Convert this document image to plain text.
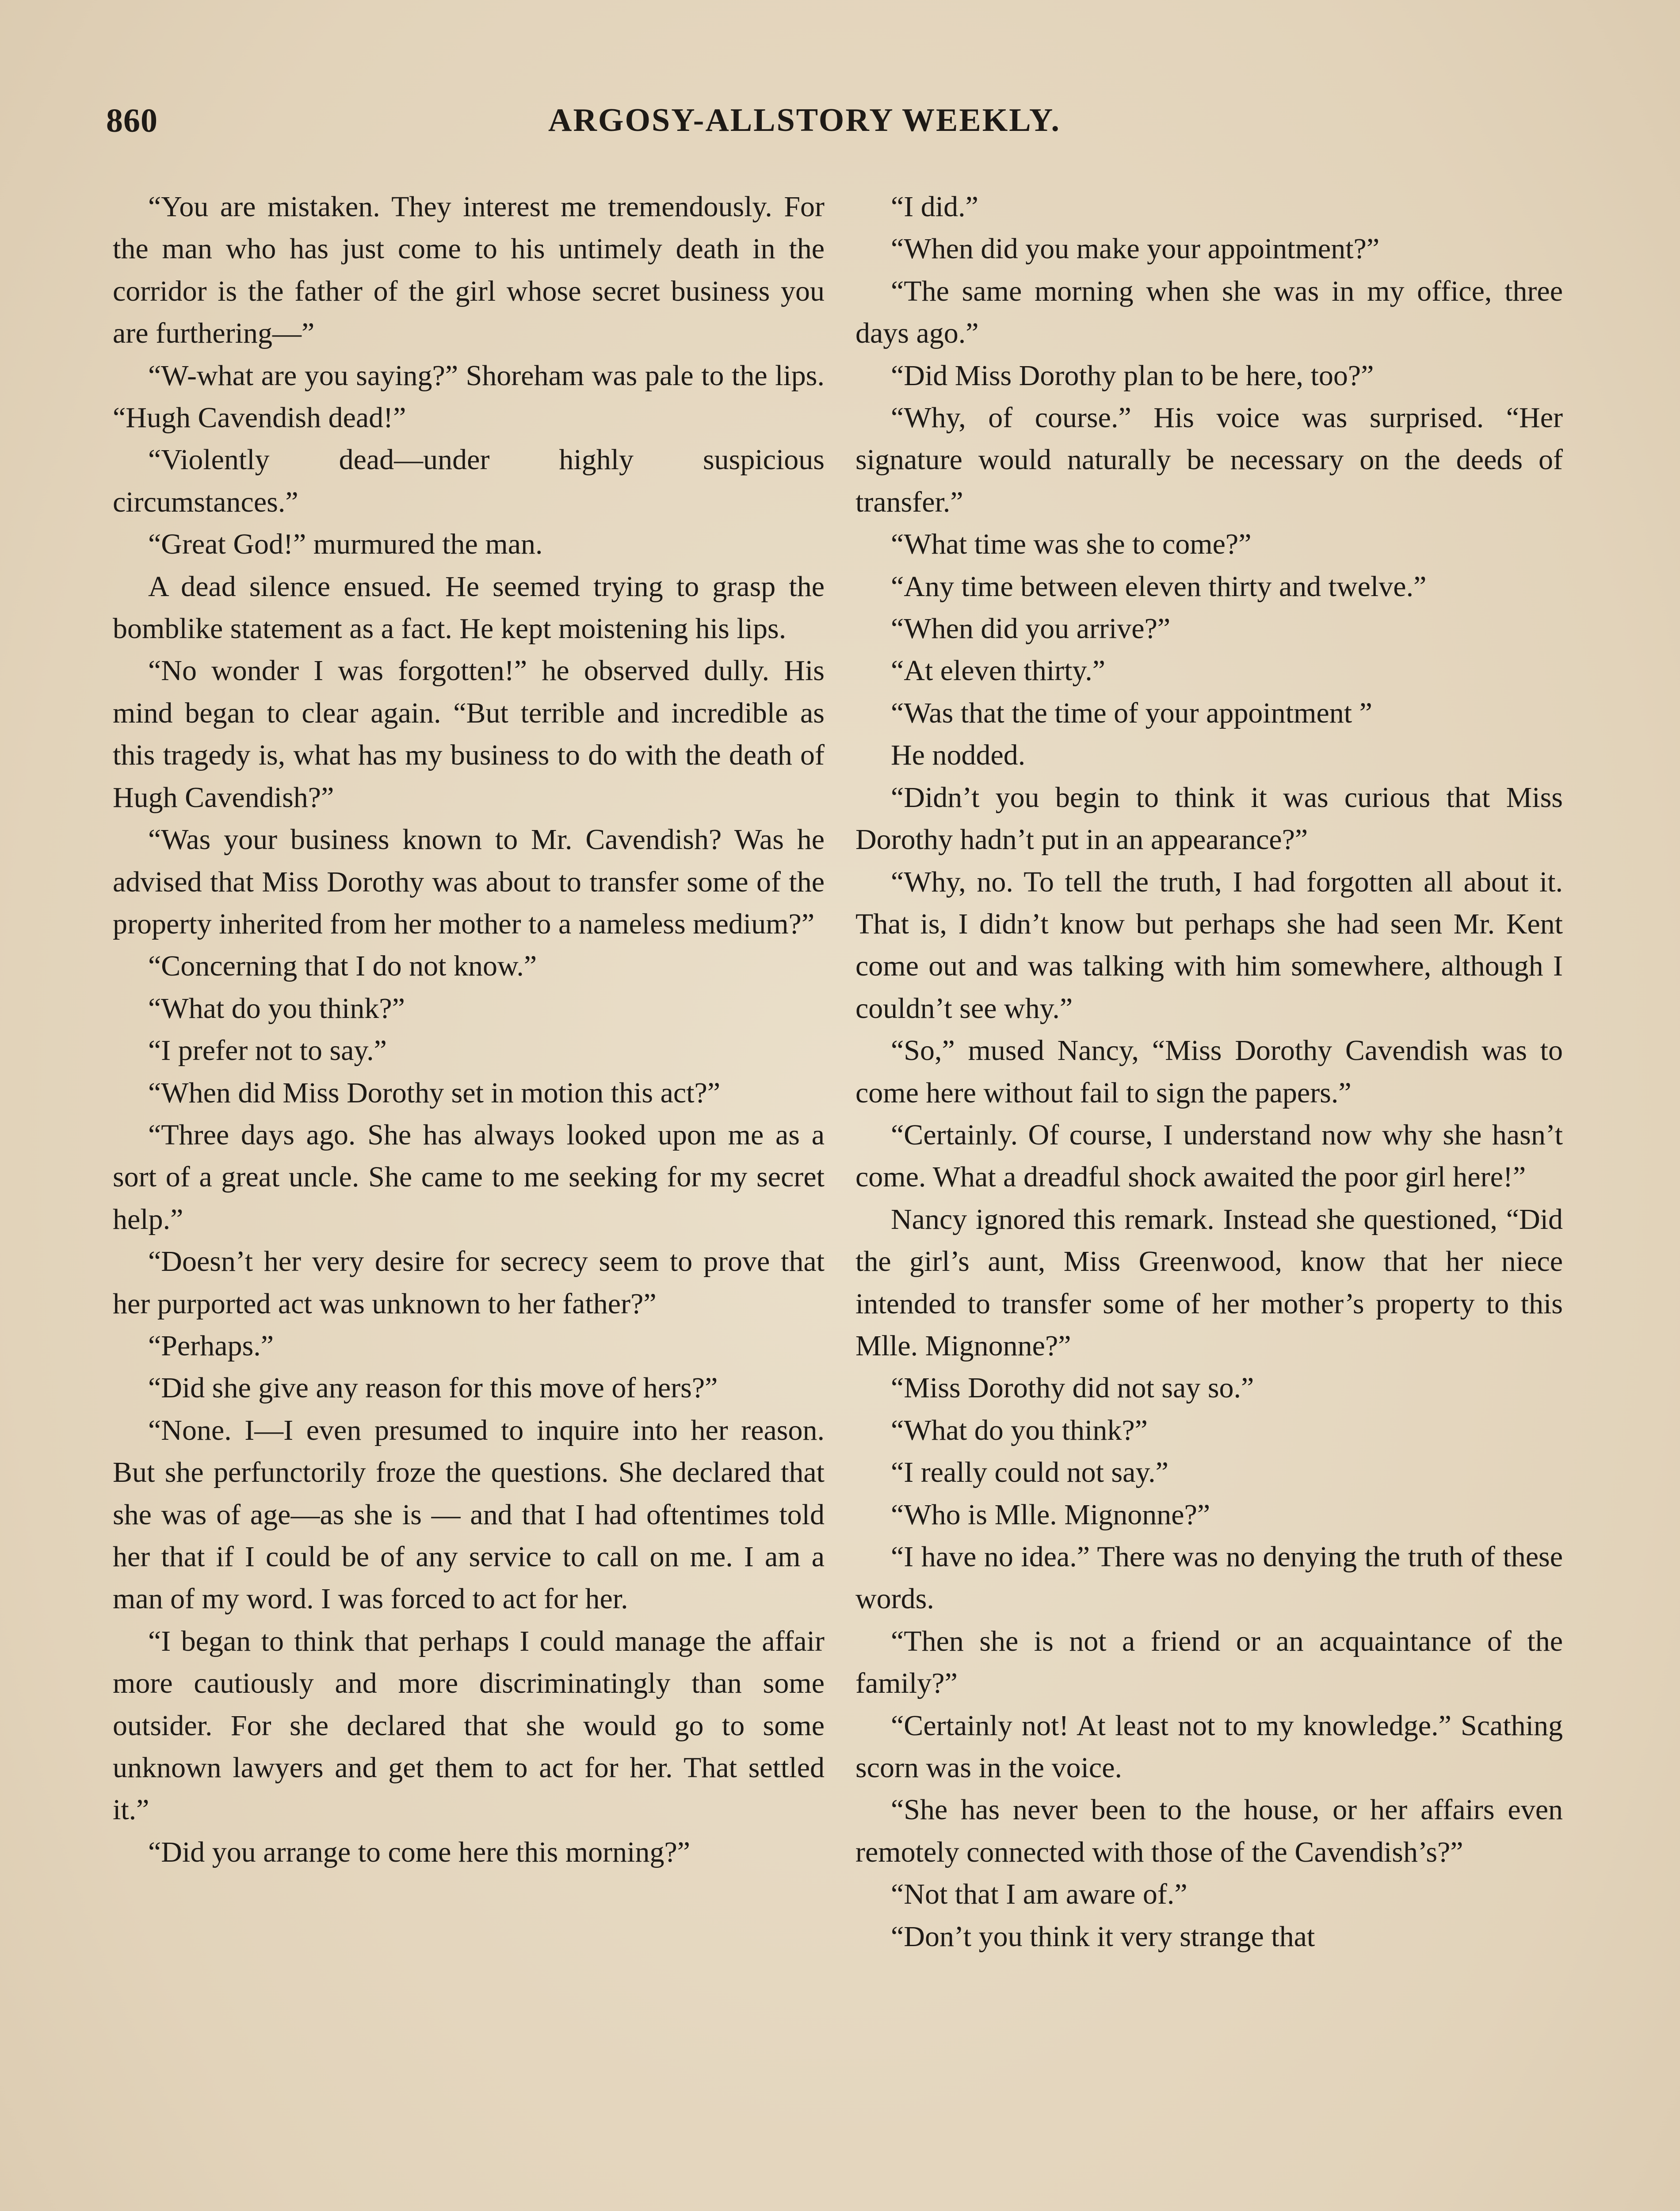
860	ARGOSY-ALLSTORY WEEKLY.

“You are mistaken. They interest me tremendously. For the man who has just come to his untimely death in the corridor is the father of the girl whose secret business you are furthering—”

“W-what are you saying?” Shoreham was pale to the lips. “Hugh Cavendish dead!”

“Violently dead—under highly suspicious circumstances.”

“Great God!” murmured the man.

A dead silence ensued. He seemed trying to grasp the bomblike statement as a fact. He kept moistening his lips.

“No wonder I was forgotten!” he observed dully. His mind began to clear again. “But terrible and incredible as this tragedy is, what has my business to do with the death of Hugh Cavendish?”

“Was your business known to Mr. Cavendish? Was he advised that Miss Dorothy was about to transfer some of the property inherited from her mother to a nameless medium?”

“Concerning that I do not know.”

“What do you think?”

“I prefer not to say.”

“When did Miss Dorothy set in motion this act?”

“Three days ago. She has always looked upon me as a sort of a great uncle. She came to me seeking for my secret help.”

“Doesn’t her very desire for secrecy seem to prove that her purported act was unknown to her father?”

“Perhaps.”

“Did she give any reason for this move of hers?”

“None. I—I even presumed to inquire into her reason. But she perfunctorily froze the questions. She declared that she was of age—as she is — and that I had oftentimes told her that if I could be of any service to call on me. I am a man of my word. I was forced to act for her.

“I began to think that perhaps I could manage the affair more cautiously and more discriminatingly than some outsider. For she declared that she would go to some unknown lawyers and get them to act for her. That settled it.”

“Did you arrange to come here this morning?”

“I did.”

“When did you make your appointment?”

“The same morning when she was in my office, three days ago.”

“Did Miss Dorothy plan to be here, too?”

“Why, of course.” His voice was surprised. “Her signature would naturally be necessary on the deeds of transfer.”

“What time was she to come?”

“Any time between eleven thirty and twelve.”

“When did you arrive?”

“At eleven thirty.”

“Was that the time of your appointment ”

He nodded.

“Didn’t you begin to think it was curious that Miss Dorothy hadn’t put in an appearance?”

“Why, no. To tell the truth, I had forgotten all about it. That is, I didn’t know but perhaps she had seen Mr. Kent come out and was talking with him somewhere, although I couldn’t see why.”

“So,” mused Nancy, “Miss Dorothy Cavendish was to come here without fail to sign the papers.”

“Certainly. Of course, I understand now why she hasn’t come. What a dreadful shock awaited the poor girl here!”

Nancy ignored this remark. Instead she questioned, “Did the girl’s aunt, Miss Greenwood, know that her niece intended to transfer some of her mother’s property to this Mlle. Mignonne?”

“Miss Dorothy did not say so.”

“What do you think?”

“I really could not say.”

“Who is Mlle. Mignonne?”

“I have no idea.” There was no denying the truth of these words.

“Then she is not a friend or an acquaintance of the family?”

“Certainly not! At least not to my knowledge.” Scathing scorn was in the voice.

“She has never been to the house, or her affairs even remotely connected with those of the Cavendish’s?”

“Not that I am aware of.”

“Don’t you think it very strange that
